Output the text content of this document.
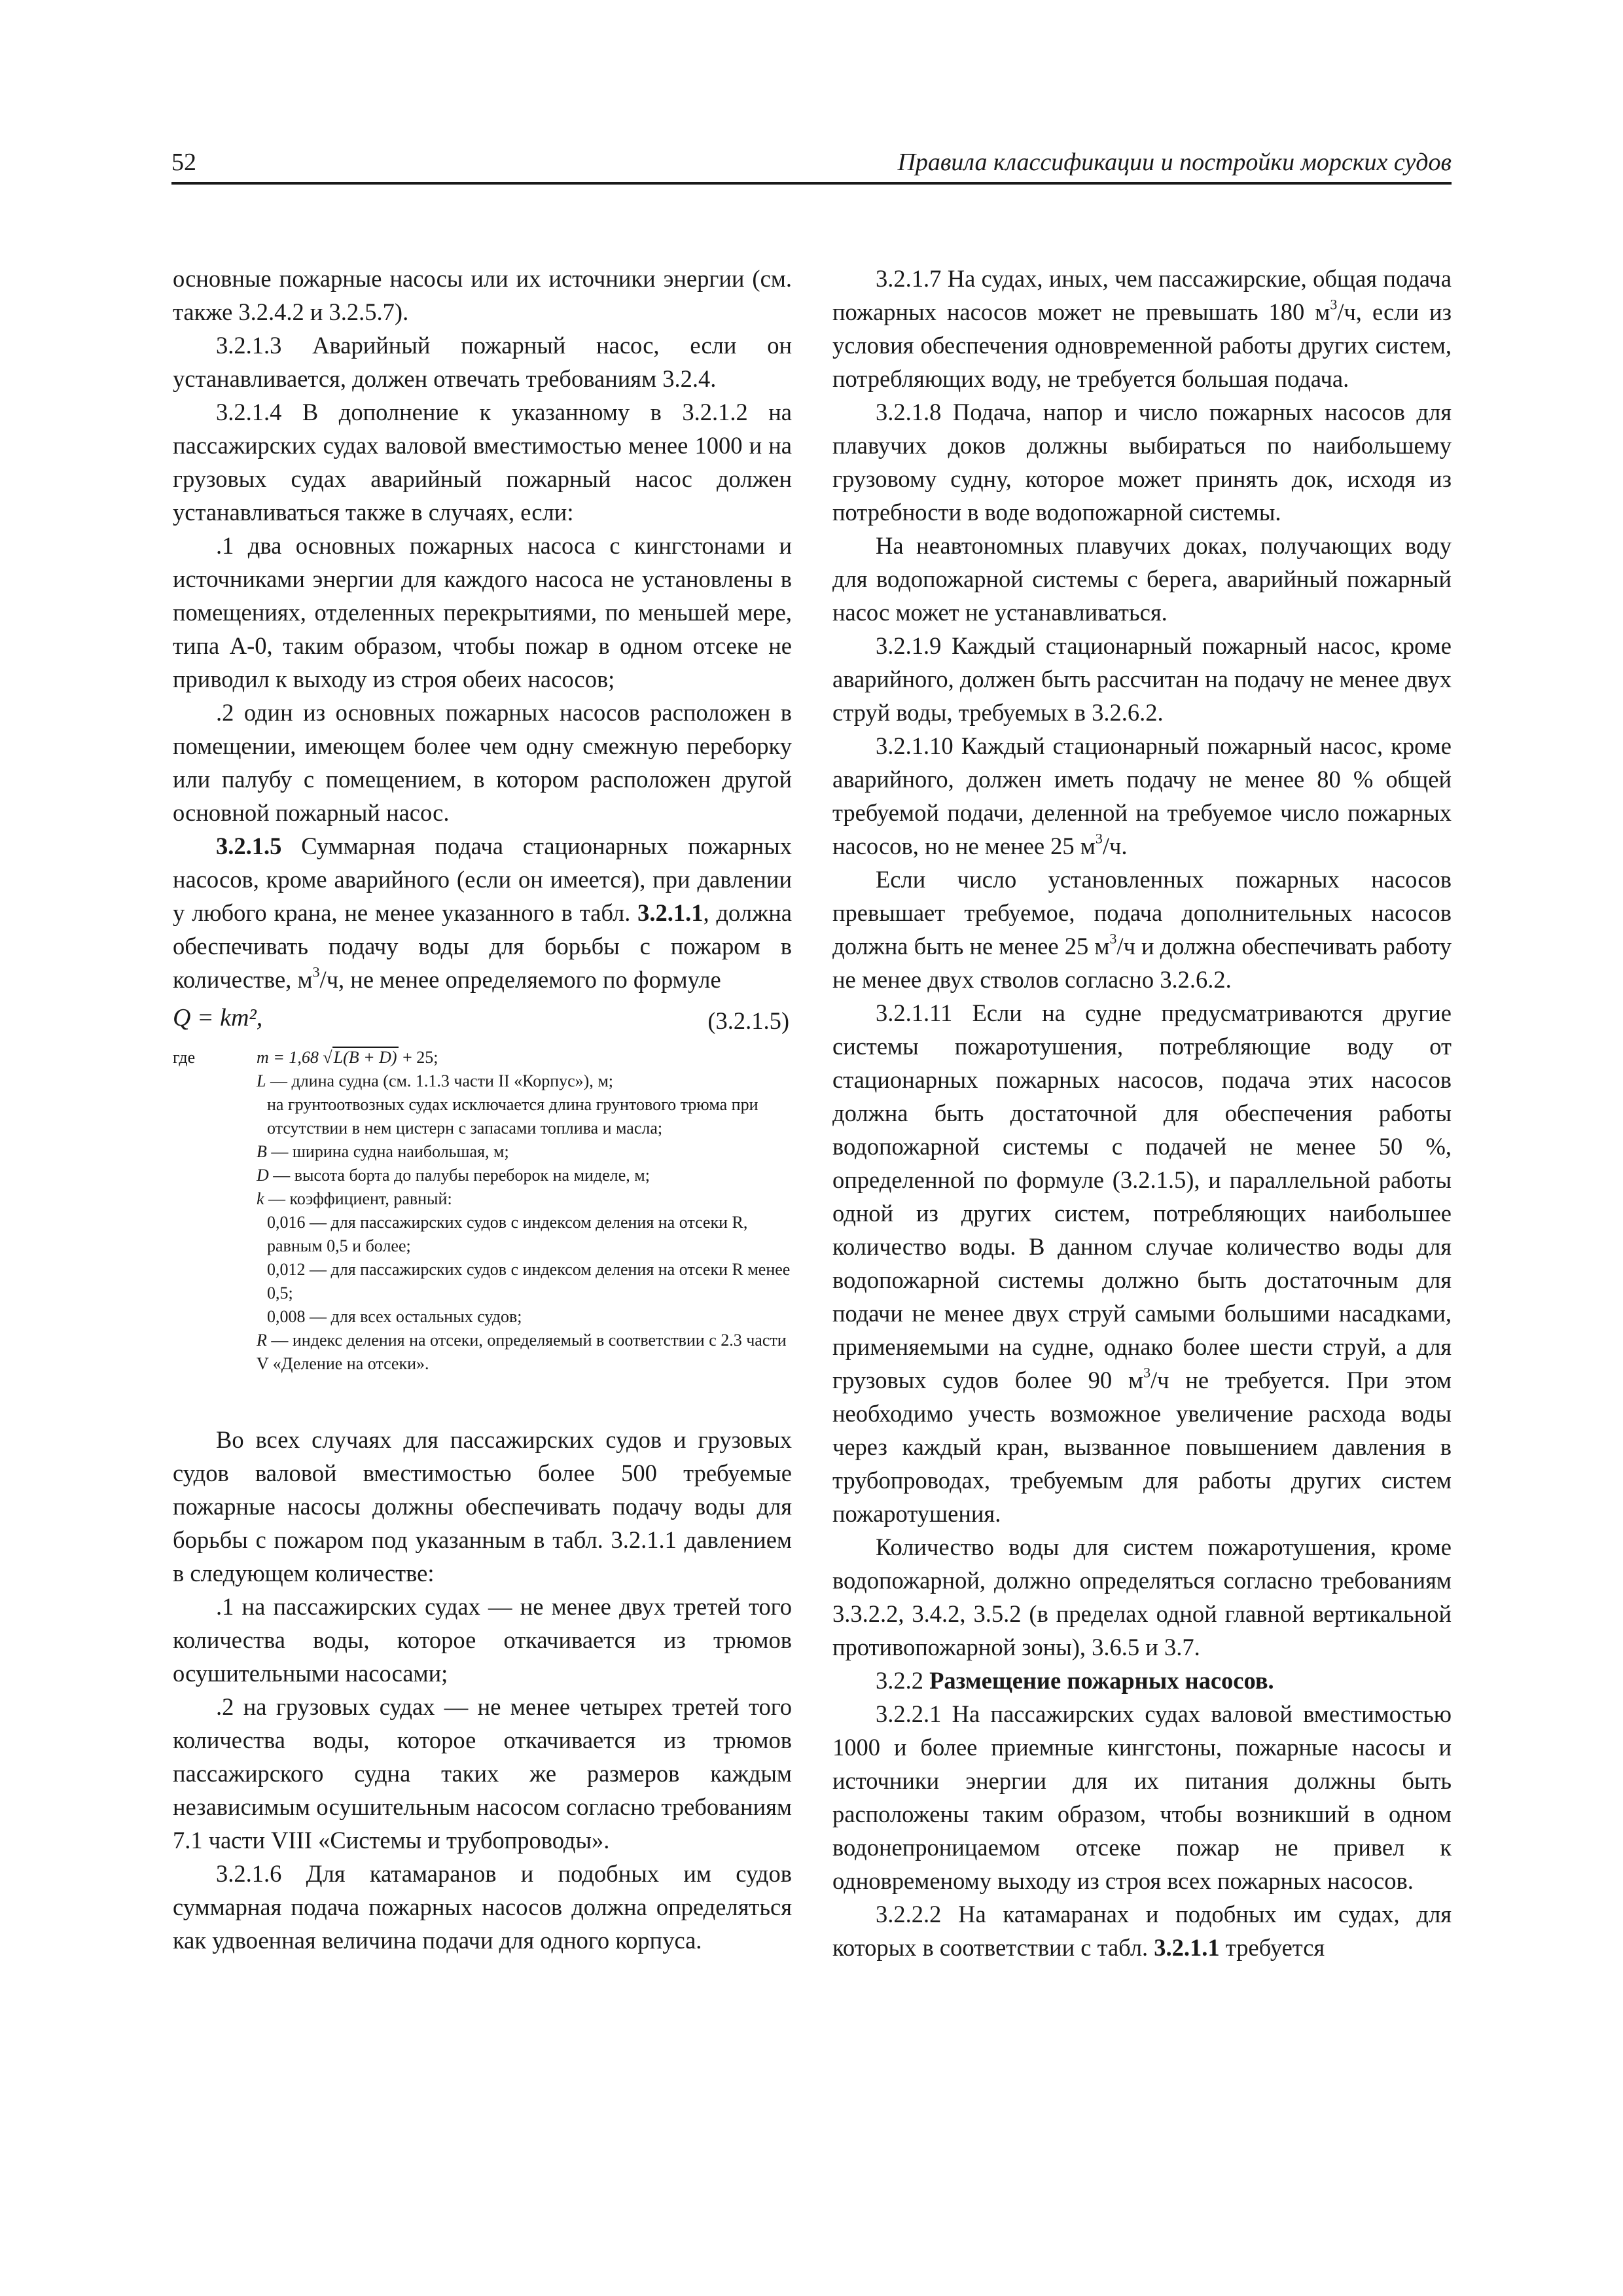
52	Правила классификации и постройки морских судов

основные пожарные насосы или их источники энергии (см. также 3.2.4.2 и 3.2.5.7).

3.2.1.3 Аварийный пожарный насос, если он устанавливается, должен отвечать требованиям 3.2.4.

3.2.1.4 В дополнение к указанному в 3.2.1.2 на пассажирских судах валовой вместимостью менее 1000 и на грузовых судах аварийный пожарный насос должен устанавливаться также в случаях, если:

.1 два основных пожарных насоса с кингстонами и источниками энергии для каждого насоса не установлены в помещениях, отделенных перекрытиями, по меньшей мере, типа A-0, таким образом, чтобы пожар в одном отсеке не приводил к выходу из строя обеих насосов;

.2 один из основных пожарных насосов расположен в помещении, имеющем более чем одну смежную переборку или палубу с помещением, в котором расположен другой основной пожарный насос.

3.2.1.5 Суммарная подача стационарных пожарных насосов, кроме аварийного (если он имеется), при давлении у любого крана, не менее указанного в табл. 3.2.1.1, должна обеспечивать подачу воды для борьбы с пожаром в количестве, $м^3/ч$, не менее определяемого по формуле

Q = km²,	(3.2.1.5)
где	m = 1,68 √L(B + D) + 25;
L — длина судна (см. 1.1.3 части II «Корпус»), м;
на грунтоотвозных судах исключается длина грунтового трюма при отсутствии в нем цистерн с запасами топлива и масла;
B — ширина судна наибольшая, м;
D — высота борта до палубы переборок на миделе, м;
k — коэффициент, равный:
0,016 — для пассажирских судов с индексом деления на отсеки R, равным 0,5 и более;
0,012 — для пассажирских судов с индексом деления на отсеки R менее 0,5;
0,008 — для всех остальных судов;
R — индекс деления на отсеки, определяемый в соответствии с 2.3 части V «Деление на отсеки».

Во всех случаях для пассажирских судов и грузовых судов валовой вместимостью более 500 требуемые пожарные насосы должны обеспечивать подачу воды для борьбы с пожаром под указанным в табл. 3.2.1.1 давлением в следующем количестве:

.1 на пассажирских судах — не менее двух третей того количества воды, которое откачивается из трюмов осушительными насосами;

.2 на грузовых судах — не менее четырех третей того количества воды, которое откачивается из трюмов пассажирского судна таких же размеров каждым независимым осушительным насосом согласно требованиям 7.1 части VIII «Системы и трубопроводы».

3.2.1.6 Для катамаранов и подобных им судов суммарная подача пожарных насосов должна определяться как удвоенная величина подачи для одного корпуса.

3.2.1.7 На судах, иных, чем пассажирские, общая подача пожарных насосов может не превышать 180 $м^3/ч$, если из условия обеспечения одновременной работы других систем, потребляющих воду, не требуется большая подача.

3.2.1.8 Подача, напор и число пожарных насосов для плавучих доков должны выбираться по наибольшему грузовому судну, которое может принять док, исходя из потребности в воде водопожарной системы.

На неавтономных плавучих доках, получающих воду для водопожарной системы с берега, аварийный пожарный насос может не устанавливаться.

3.2.1.9 Каждый стационарный пожарный насос, кроме аварийного, должен быть рассчитан на подачу не менее двух струй воды, требуемых в 3.2.6.2.

3.2.1.10 Каждый стационарный пожарный насос, кроме аварийного, должен иметь подачу не менее 80 % общей требуемой подачи, деленной на требуемое число пожарных насосов, но не менее 25 $м^3/ч$.

Если число установленных пожарных насосов превышает требуемое, подача дополнительных насосов должна быть не менее 25 $м^3/ч$ и должна обеспечивать работу не менее двух стволов согласно 3.2.6.2.

3.2.1.11 Если на судне предусматриваются другие системы пожаротушения, потребляющие воду от стационарных пожарных насосов, подача этих насосов должна быть достаточной для обеспечения работы водопожарной системы с подачей не менее 50 %, определенной по формуле (3.2.1.5), и параллельной работы одной из других систем, потребляющих наибольшее количество воды. В данном случае количество воды для водопожарной системы должно быть достаточным для подачи не менее двух струй самыми большими насадками, применяемыми на судне, однако более шести струй, а для грузовых судов более 90 $м^3/ч$ не требуется. При этом необходимо учесть возможное увеличение расхода воды через каждый кран, вызванное повышением давления в трубопроводах, требуемым для работы других систем пожаротушения.

Количество воды для систем пожаротушения, кроме водопожарной, должно определяться согласно требованиям 3.3.2.2, 3.4.2, 3.5.2 (в пределах одной главной вертикальной противопожарной зоны), 3.6.5 и 3.7.

3.2.2 Размещение пожарных насосов.

3.2.2.1 На пассажирских судах валовой вместимостью 1000 и более приемные кингстоны, пожарные насосы и источники энергии для их питания должны быть расположены таким образом, чтобы возникший в одном водонепроницаемом отсеке пожар не привел к одновременому выходу из строя всех пожарных насосов.

3.2.2.2 На катамаранах и подобных им судах, для которых в соответствии с табл. 3.2.1.1 требуется
